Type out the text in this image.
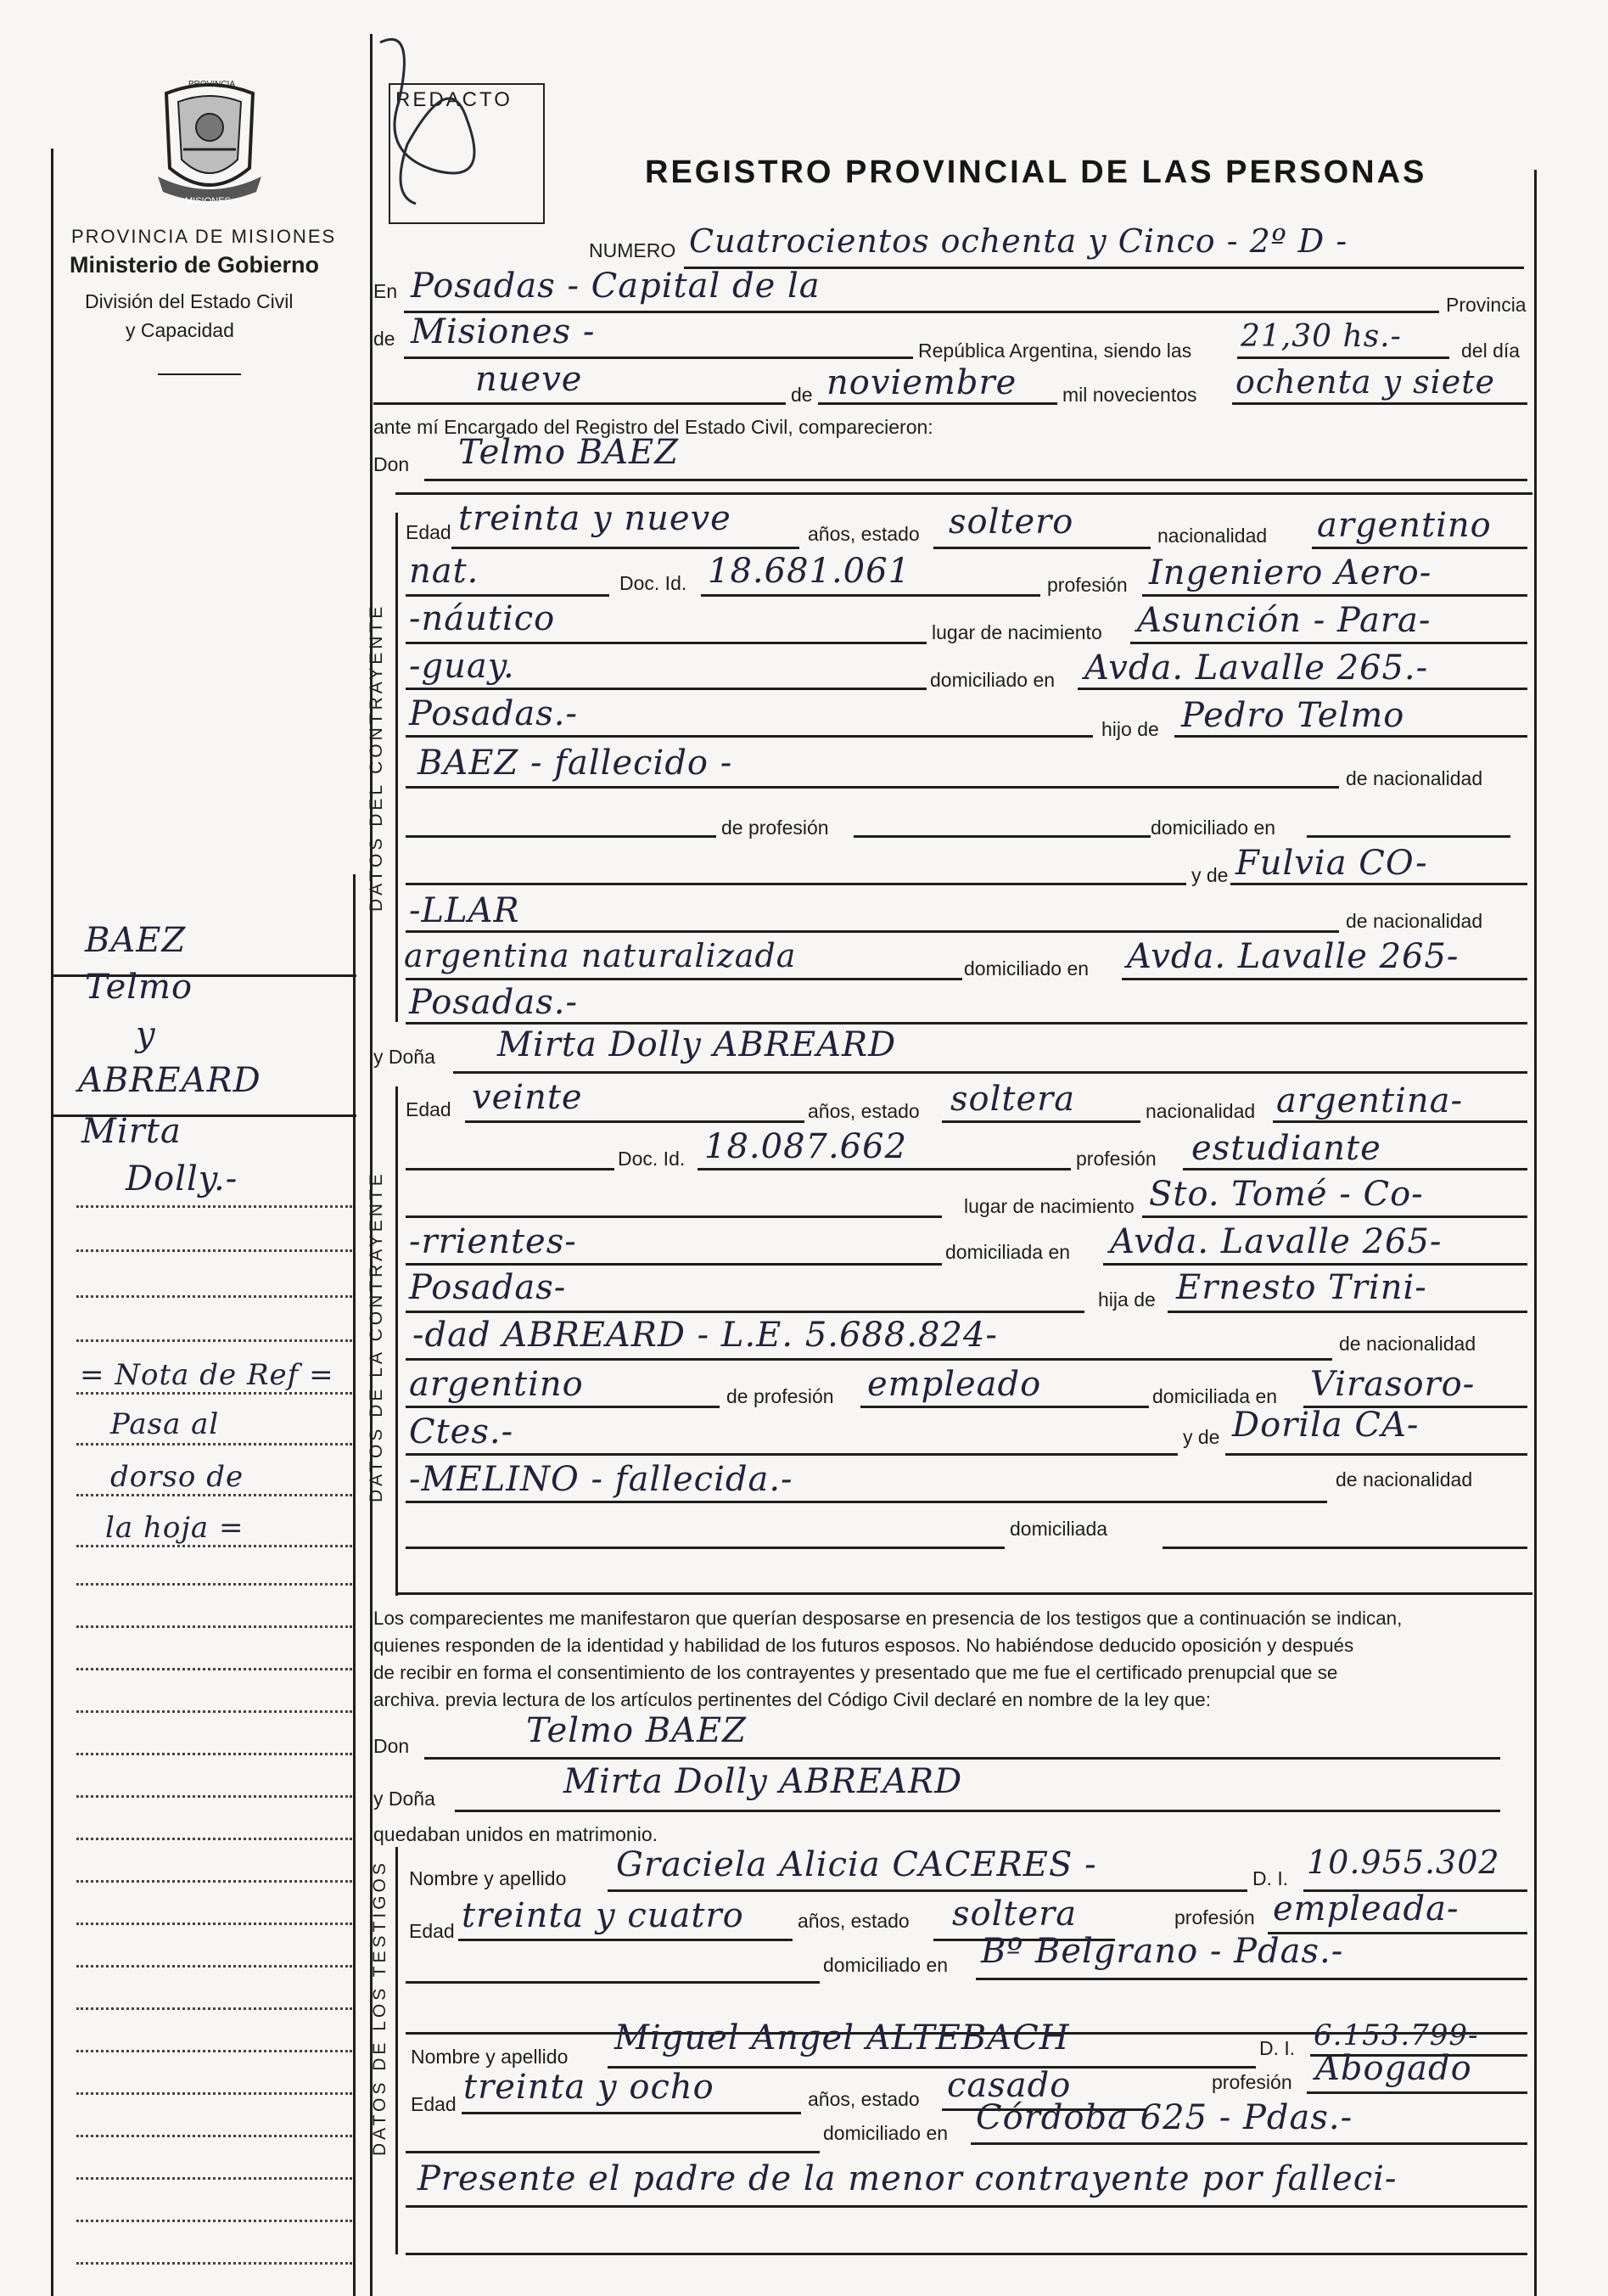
PROVINCIA
MISIONES
PROVINCIA DE MISIONES
Ministerio de Gobierno
División del Estado Civil
y Capacidad
BAEZ
Telmo
y
ABREARD
Mirta
Dolly.-
= Nota de Ref =
Pasa al
dorso de
la hoja =
REDACTO
REGISTRO PROVINCIAL DE LAS PERSONAS
NUMERO Cuatrocientos ochenta y Cinco - 2º D -
En Posadas - Capital de la	Provincia
de Misiones -	República Argentina, siendo las 21,30 hs.-	del día
nueve	de noviembre mil novecientos ochenta y siete
ante mí Encargado del Registro del Estado Civil, comparecieron:
Don Telmo BAEZ
DATOS DEL CONTRAYENTE
Edad treinta y nueve	años, estado soltero	nacionalidad argentino
nat.	Doc. Id. 18.681.061	profesión Ingeniero Aero-
-náutico	lugar de nacimiento Asunción - Para-
-guay.	domiciliado en Avda. Lavalle 265.-
Posadas.-	hijo de Pedro Telmo
BAEZ - fallecido -	de nacionalidad
de profesión	domiciliado en
y de Fulvia CO-
-LLAR	de nacionalidad
argentina naturalizada	domiciliado en Avda. Lavalle 265-
Posadas.-
y Doña Mirta Dolly ABREARD
DATOS DE LA CONTRAYENTE
Edad veinte	años, estado soltera	nacionalidad argentina-
Doc. Id. 18.087.662	profesión estudiante
lugar de nacimiento Sto. Tomé - Co-
-rrientes-	domiciliada en Avda. Lavalle 265-
Posadas-	hija de Ernesto Trini-
-dad ABREARD - L.E. 5.688.824-	de nacionalidad
argentino	de profesión empleado	domiciliada en Virasoro-
Ctes.-	y de Dorila CA-
-MELINO - fallecida.-	de nacionalidad
domiciliada
Los comparecientes me manifestaron que querían desposarse en presencia de los testigos que a continuación se indican,
quienes responden de la identidad y habilidad de los futuros esposos. No habiéndose deducido oposición y después
de recibir en forma el consentimiento de los contrayentes y presentado que me fue el certificado prenupcial que se
archiva. previa lectura de los artículos pertinentes del Código Civil declaré en nombre de la ley que:
Don	Telmo BAEZ
y Doña	Mirta Dolly ABREARD
quedaban unidos en matrimonio.
DATOS DE LOS TESTIGOS Nombre y apellido Graciela Alicia CACERES -	D. I. 10.955.302
Edad treinta y cuatro	años, estado soltera	profesión empleada-
domiciliado en Bº Belgrano - Pdas.-
Nombre y apellido Miguel Angel ALTEBACH	D. I. 6.153.799-
Edad treinta y ocho	años, estado casado	profesión Abogado
domiciliado en Córdoba 625 - Pdas.-
Presente el padre de la menor contrayente por falleci-
